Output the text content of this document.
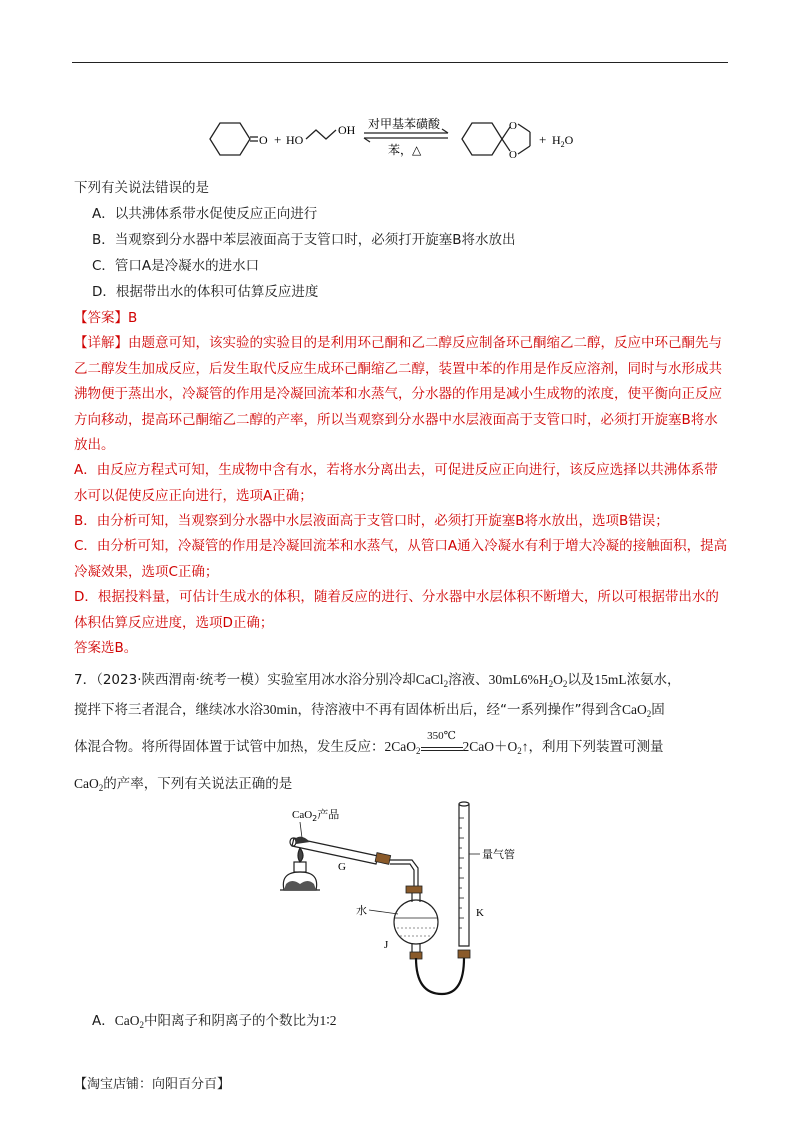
O + HO
OH 对甲基苯磺酸
苯，△
O
O
+ $H_2O$
下列有关说法错误的是
A．以共沸体系带水促使反应正向进行
B．当观察到分水器中苯层液面高于支管口时，必须打开旋塞B将水放出
C．管口A是冷凝水的进水口
D．根据带出水的体积可估算反应进度
【答案】B
【详解】由题意可知，该实验的实验目的是利用环己酮和乙二醇反应制备环己酮缩乙二醇，反应中环己酮先与乙二醇发生加成反应，后发生取代反应生成环己酮缩乙二醇，装置中苯的作用是作反应溶剂，同时与水形成共沸物便于蒸出水，冷凝管的作用是冷凝回流苯和水蒸气，分水器的作用是减小生成物的浓度，使平衡向正反应方向移动，提高环己酮缩乙二醇的产率，所以当观察到分水器中水层液面高于支管口时，必须打开旋塞B将水放出。
A．由反应方程式可知，生成物中含有水，若将水分离出去，可促进反应正向进行，该反应选择以共沸体系带水可以促使反应正向进行，选项A正确；
B．由分析可知，当观察到分水器中水层液面高于支管口时，必须打开旋塞B将水放出，选项B错误；
C．由分析可知，冷凝管的作用是冷凝回流苯和水蒸气，从管口A通入冷凝水有利于增大冷凝的接触面积，提高冷凝效果，选项C正确；
D．根据投料量，可估计生成水的体积，随着反应的进行、分水器中水层体积不断增大，所以可根据带出水的体积估算反应进度，选项D正确；
答案选B。
7．（2023·陕西渭南·统考一模）实验室用冰水浴分别冷却CaCl$_2$溶液、$30mL6\%H_2O_2$以及15mL浓氨水，
搅拌下将三者混合，继续冰水浴30min，待溶液中不再有固体析出后，经“一系列操作”得到含CaO$_2$固
体混合物。将所得固体置于试管中加热，发生反应：2CaO$_2$
350℃
$2CaO+O_2↑$，利用下列装置可测量
CaO$_2$的产率，下列有关说法正确的是
CaO$_2$产品
G
水
J
量气管
K
A．CaO$_2$中阳离子和阴离子的个数比为1∶2
【淘宝店铺：向阳百分百】
